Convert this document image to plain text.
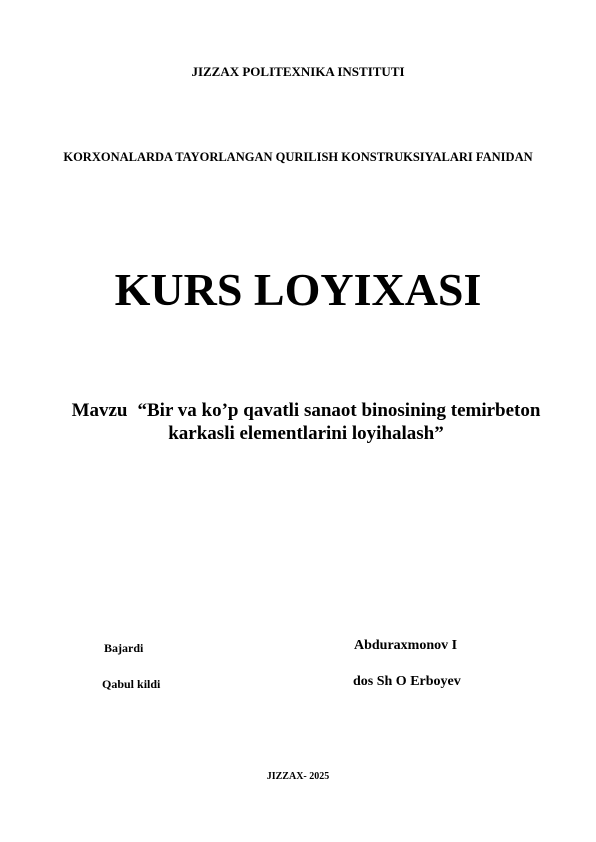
JIZZAX POLITEXNIKA INSTITUTI
KORXONALARDA TAYORLANGAN QURILISH KONSTRUKSIYALARI FANIDAN
KURS LOYIXASI
Mavzu “Bir va ko’p qavatli sanaot binosining temirbeton
karkasli elementlarini loyihalash”
Bajardi	Abduraxmonov I
Qabul kildi	dos Sh O Erboyev
JIZZAX- 2025
